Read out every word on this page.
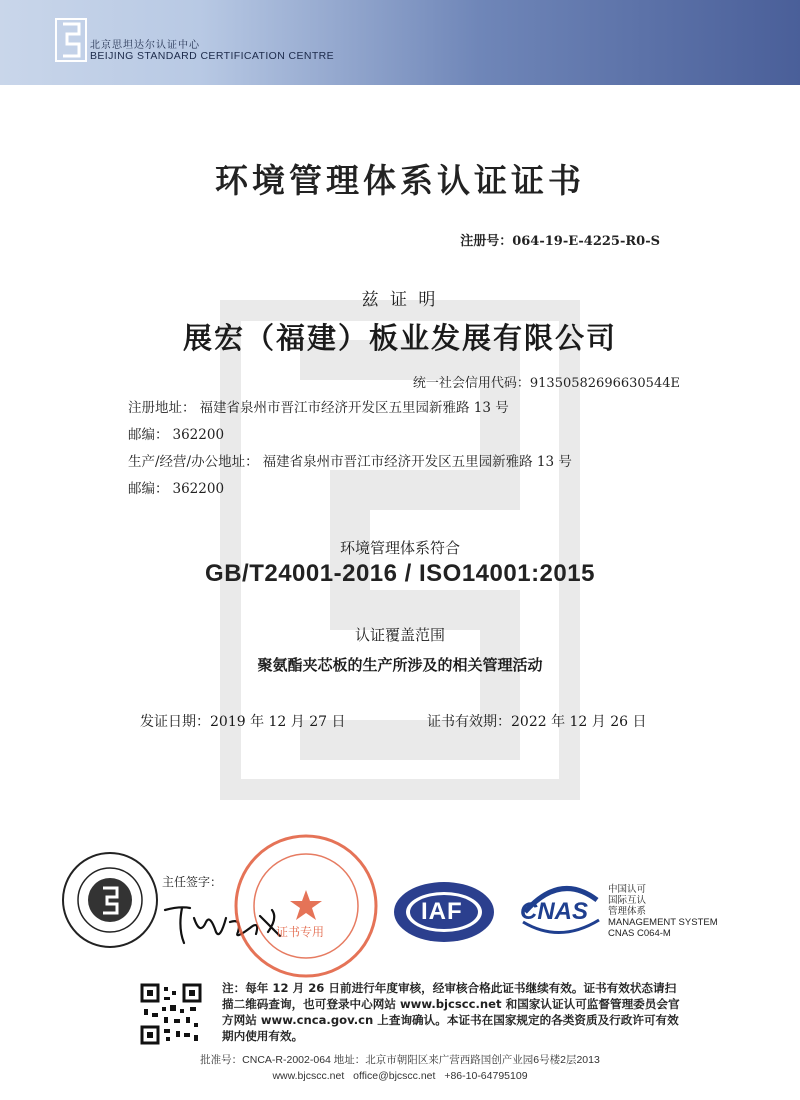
北京思坦达尔认证中心
BEIJING STANDARD CERTIFICATION CENTRE
环境管理体系认证证书
注册号：064-19-E-4225-R0-S
兹 证 明
展宏（福建）板业发展有限公司
统一社会信用代码：91350582696630544E
注册地址： 福建省泉州市晋江市经济开发区五里园新雅路 13 号
邮编： 362200
生产/经营/办公地址： 福建省泉州市晋江市经济开发区五里园新雅路 13 号
邮编： 362200
环境管理体系符合
GB/T24001-2016 / ISO14001:2015
认证覆盖范围
聚氨酯夹芯板的生产所涉及的相关管理活动
发证日期：2019 年 12 月 27 日	证书有效期：2022 年 12 月 26 日
主任签字：
证书专用
IAF CNAS
中国认可
国际互认
管理体系
MANAGEMENT SYSTEM
CNAS C064-M
注：每年 12 月 26 日前进行年度审核，经审核合格此证书继续有效。证书有效状态请扫描二维码查询，也可登录中心网站 www.bjcscc.net 和国家认证认可监督管理委员会官方网站 www.cnca.gov.cn 上查询确认。本证书在国家规定的各类资质及行政许可有效期内使用有效。
批准号：CNCA-R-2002-064 地址：北京市朝阳区来广营西路国创产业园6号楼2层2013
www.bjcscc.net office@bjcscc.net +86-10-64795109
